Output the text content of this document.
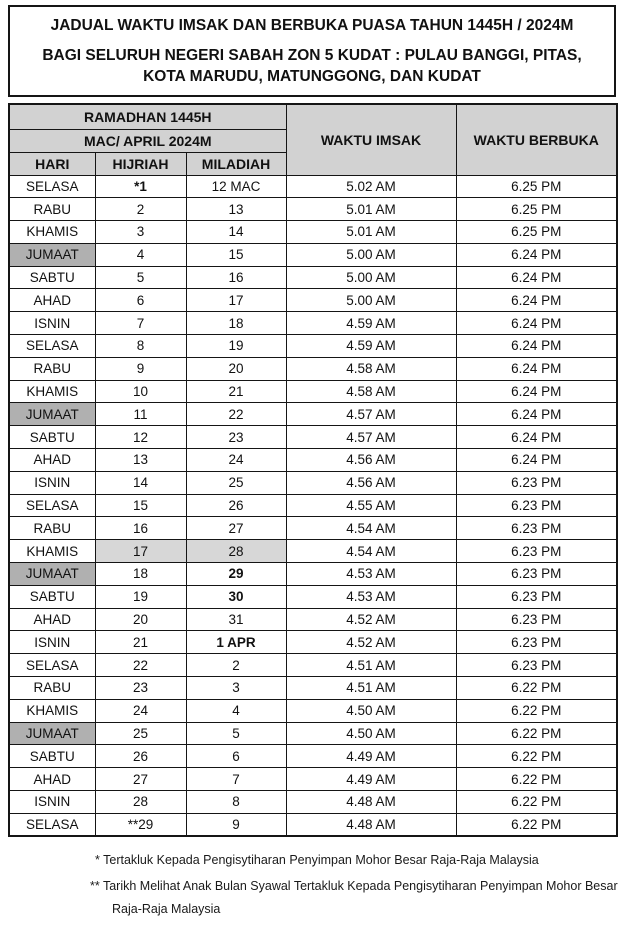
JADUAL WAKTU IMSAK DAN BERBUKA PUASA TAHUN 1445H / 2024M
BAGI SELURUH NEGERI SABAH ZON 5 KUDAT : PULAU BANGGI, PITAS, KOTA MARUDU, MATUNGGONG, DAN KUDAT
RAMADHAN 1445H			WAKTU IMSAK	WAKTU BERBUKA
MAC/ APRIL 2024M				
HARI	HIJRIAH	MILADIAH		
SELASA	*1	12 MAC	5.02 AM	6.25 PM
RABU	2	13	5.01 AM	6.25 PM
KHAMIS	3	14	5.01 AM	6.25 PM
JUMAAT	4	15	5.00 AM	6.24 PM
SABTU	5	16	5.00 AM	6.24 PM
AHAD	6	17	5.00 AM	6.24 PM
ISNIN	7	18	4.59 AM	6.24 PM
SELASA	8	19	4.59 AM	6.24 PM
RABU	9	20	4.58 AM	6.24 PM
KHAMIS	10	21	4.58 AM	6.24 PM
JUMAAT	11	22	4.57 AM	6.24 PM
SABTU	12	23	4.57 AM	6.24 PM
AHAD	13	24	4.56 AM	6.24 PM
ISNIN	14	25	4.56 AM	6.23 PM
SELASA	15	26	4.55 AM	6.23 PM
RABU	16	27	4.54 AM	6.23 PM
KHAMIS	17	28	4.54 AM	6.23 PM
JUMAAT	18	29	4.53 AM	6.23 PM
SABTU	19	30	4.53 AM	6.23 PM
AHAD	20	31	4.52 AM	6.23 PM
ISNIN	21	1 APR	4.52 AM	6.23 PM
SELASA	22	2	4.51 AM	6.23 PM
RABU	23	3	4.51 AM	6.22 PM
KHAMIS	24	4	4.50 AM	6.22 PM
JUMAAT	25	5	4.50 AM	6.22 PM
SABTU	26	6	4.49 AM	6.22 PM
AHAD	27	7	4.49 AM	6.22 PM
ISNIN	28	8	4.48 AM	6.22 PM
SELASA	**29	9	4.48 AM	6.22 PM
* Tertakluk Kepada Pengisytiharan Penyimpan Mohor Besar Raja-Raja Malaysia
** Tarikh Melihat Anak Bulan Syawal Tertakluk Kepada Pengisytiharan Penyimpan Mohor Besar Raja-Raja Malaysia
